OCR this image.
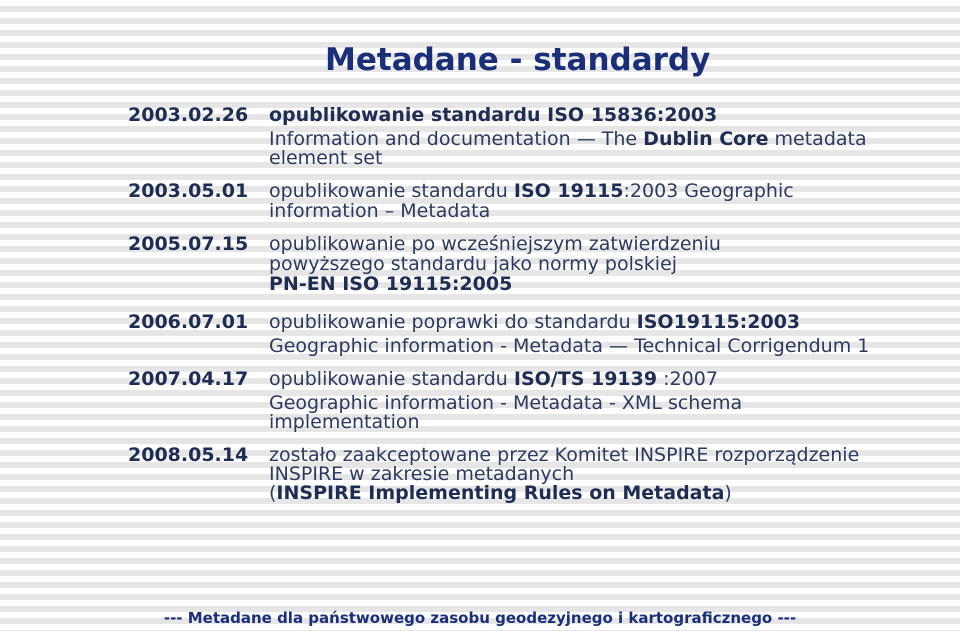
Metadane - standardy
2003.02.26 opublikowanie standardu ISO 15836:2003
Information and documentation — The Dublin Core metadata
element set
2003.05.01 opublikowanie standardu ISO 19115:2003 Geographic
information – Metadata
2005.07.15 opublikowanie po wcześniejszym zatwierdzeniu
powyższego standardu jako normy polskiej
PN-EN ISO 19115:2005
2006.07.01 opublikowanie poprawki do standardu ISO19115:2003
Geographic information - Metadata — Technical Corrigendum 1
2007.04.17 opublikowanie standardu ISO/TS 19139 :2007
Geographic information - Metadata - XML schema
implementation
2008.05.14 zostało zaakceptowane przez Komitet INSPIRE rozporządzenie
INSPIRE w zakresie metadanych
(INSPIRE Implementing Rules on Metadata)
--- Metadane dla państwowego zasobu geodezyjnego i kartograficznego ---
